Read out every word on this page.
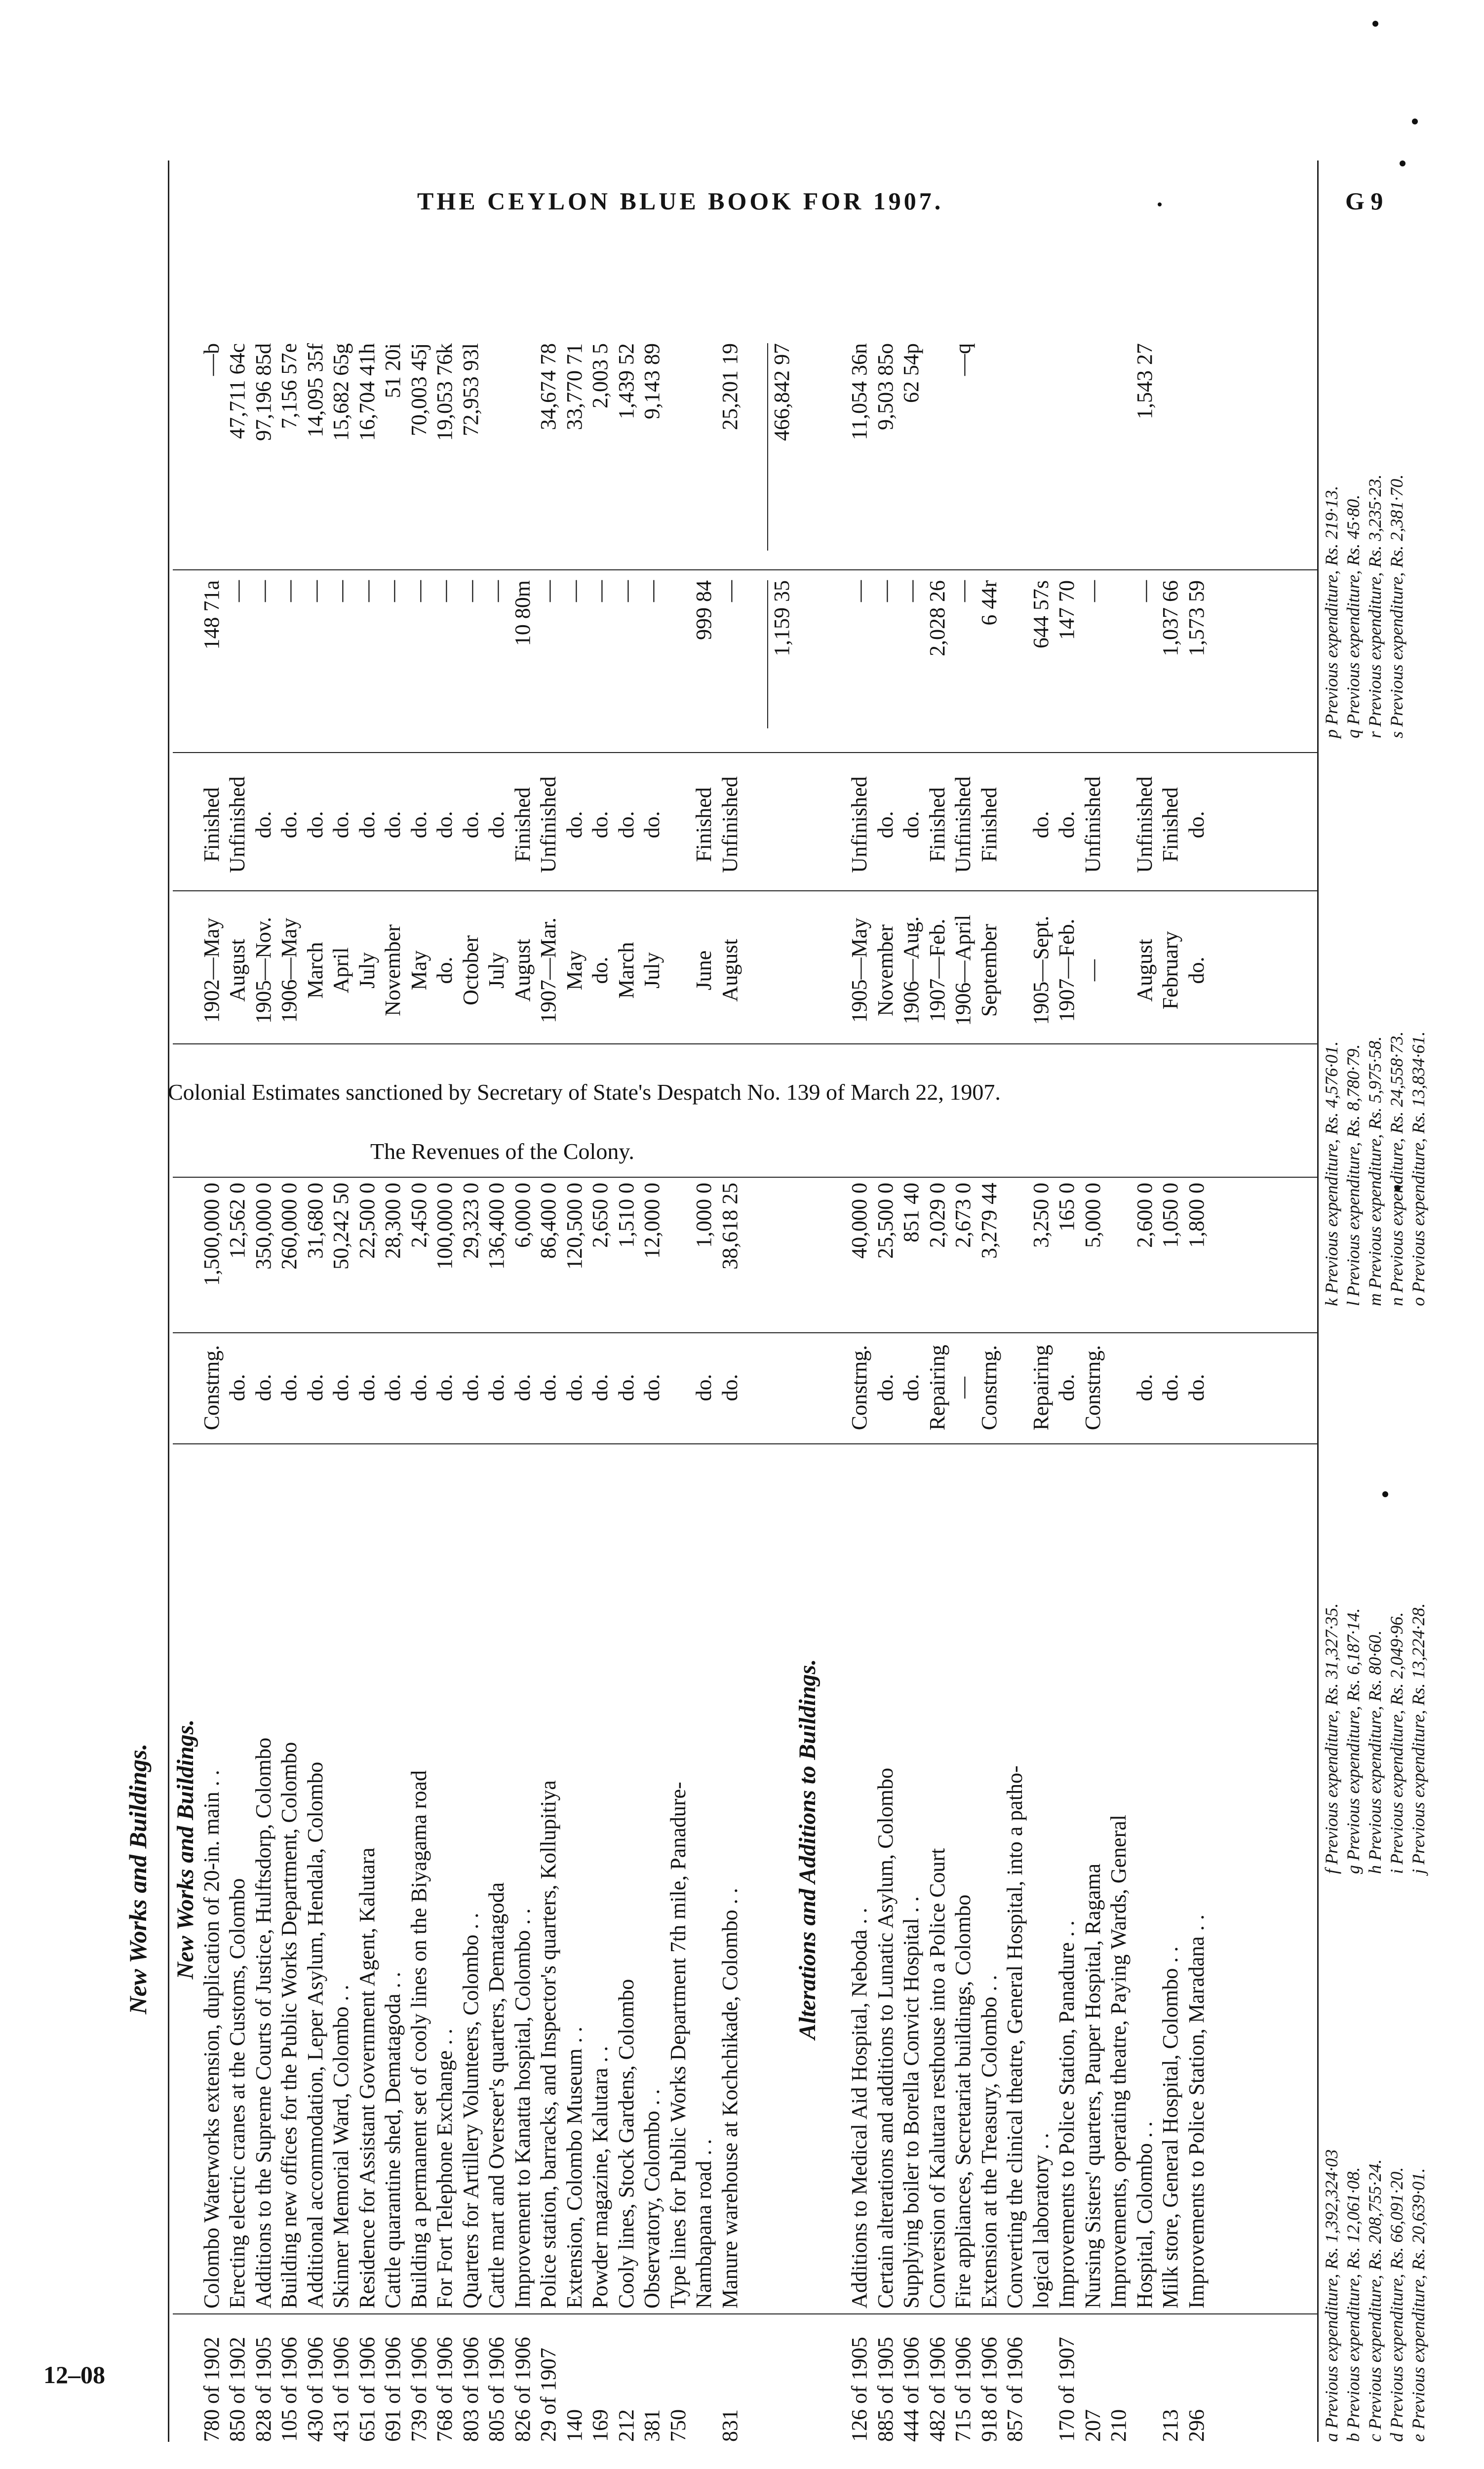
THE CEYLON BLUE BOOK FOR 1907.	G 9
12–08
New Works and Buildings.
The Revenues of the Colony.
Colonial Estimates sanctioned by Secretary of State's Despatch No. 139 of March 22, 1907.
New Works and Buildings.
780 of 1902
Colombo Waterworks extension, duplication of 20-in. main . .
Constrng.
1,500,000 0
1902—May
Finished
148 71a
—b
850 of 1902
Erecting electric cranes at the Customs, Colombo
do.
12,562 0
August
Unfinished
—
47,711 64c
828 of 1905
Additions to the Supreme Courts of Justice, Hulftsdorp, Colombo
do.
350,000 0
1905—Nov.
do.
—
97,196 85d
105 of 1906
Building new offices for the Public Works Department, Colombo
do.
260,000 0
1906—May
do.
—
7,156 57e
430 of 1906
Additional accommodation, Leper Asylum, Hendala, Colombo
do.
31,680 0
March
do.
—
14,095 35f
431 of 1906
Skinner Memorial Ward, Colombo . .
do.
50,242 50
April
do.
—
15,682 65g
651 of 1906
Residence for Assistant Government Agent, Kalutara
do.
22,500 0
July
do.
—
16,704 41h
691 of 1906
Cattle quarantine shed, Dematagoda . .
do.
28,300 0
November
do.
—
51 20i
739 of 1906
Building a permanent set of cooly lines on the Biyagama road
do.
2,450 0
May
do.
—
70,003 45j
768 of 1906
For Fort Telephone Exchange . .
do.
100,000 0
do.
do.
—
19,053 76k
803 of 1906
Quarters for Artillery Volunteers, Colombo . .
do.
29,323 0
October
do.
—
72,953 93l
805 of 1906
Cattle mart and Overseer's quarters, Dematagoda
do.
136,400 0
July
do.
—
826 of 1906
Improvement to Kanatta hospital, Colombo . .
do.
6,000 0
August
Finished
10 80m
29 of 1907
Police station, barracks, and Inspector's quarters, Kollupitiya
do.
86,400 0
1907—Mar.
Unfinished
—
34,674 78
140
Extension, Colombo Museum . .
do.
120,500 0
May
do.
—
33,770 71
169
Powder magazine, Kalutara . .
do.
2,650 0
do.
do.
—
2,003 5
212
Cooly lines, Stock Gardens, Colombo
do.
1,510 0
March
do.
—
1,439 52
381
Observatory, Colombo . .
do.
12,000 0
July
do.
—
9,143 89
750
Type lines for Public Works Department 7th mile, Panadure- Nambapana road . .
do.
1,000 0
June
Finished
999 84
831
Manure warehouse at Kochchikade, Colombo . .
do.
38,618 25
August
Unfinished
—
25,201 19
1,159 35
466,842 97
Alterations and Additions to Buildings.
126 of 1905
Additions to Medical Aid Hospital, Neboda . .
Constrng.
40,000 0
1905—May
Unfinished
—
11,054 36n
885 of 1905
Certain alterations and additions to Lunatic Asylum, Colombo
do.
25,500 0
November
do.
—
9,503 85o
444 of 1906
Supplying boiler to Borella Convict Hospital . .
do.
851 40
1906—Aug.
do.
—
62 54p
482 of 1906
Conversion of Kalutara resthouse into a Police Court
Repairing
2,029 0
1907—Feb.
Finished
2,028 26
715 of 1906
Fire appliances, Secretariat buildings, Colombo
—
2,673 0
1906—April
Unfinished
—
—q
918 of 1906
Extension at the Treasury, Colombo . .
Constrng.
3,279 44
September
Finished
6 44r
857 of 1906
Converting the clinical theatre, General Hospital, into a patho- logical laboratory . .
Repairing
3,250 0
1905—Sept.
do.
644 57s
170 of 1907
Improvements to Police Station, Panadure . .
do.
165 0
1907—Feb.
do.
147 70
207
Nursing Sisters' quarters, Pauper Hospital, Ragama
Constrng.
5,000 0
—
Unfinished
—
210
Improvements, operating theatre, Paying Wards, General Hospital, Colombo . .
do.
2,600 0
August
Unfinished
—
1,543 27
213
Milk store, General Hospital, Colombo . .
do.
1,050 0
February
Finished
1,037 66
296
Improvements to Police Station, Maradana . .
do.
1,800 0
do.
do.
1,573 59
a Previous expenditure, Rs. 1,392,324·03 b Previous expenditure, Rs. 12,061·08. c Previous expenditure, Rs. 208,755·24. d Previous expenditure, Rs. 66,091·20. e Previous expenditure, Rs. 20,639·01.
f Previous expenditure, Rs. 31,327·35. g Previous expenditure, Rs. 6,187·14. h Previous expenditure, Rs. 80·60. i Previous expenditure, Rs. 2,049·96. j Previous expenditure, Rs. 13,224·28.
k Previous expenditure, Rs. 4,576·01. l Previous expenditure, Rs. 8,780·79. m Previous expenditure, Rs. 5,975·58. n Previous expenditure, Rs. 24,558·73. o Previous expenditure, Rs. 13,834·61.
p Previous expenditure, Rs. 219·13. q Previous expenditure, Rs. 45·80. r Previous expenditure, Rs. 3,235·23. s Previous expenditure, Rs. 2,381·70.
